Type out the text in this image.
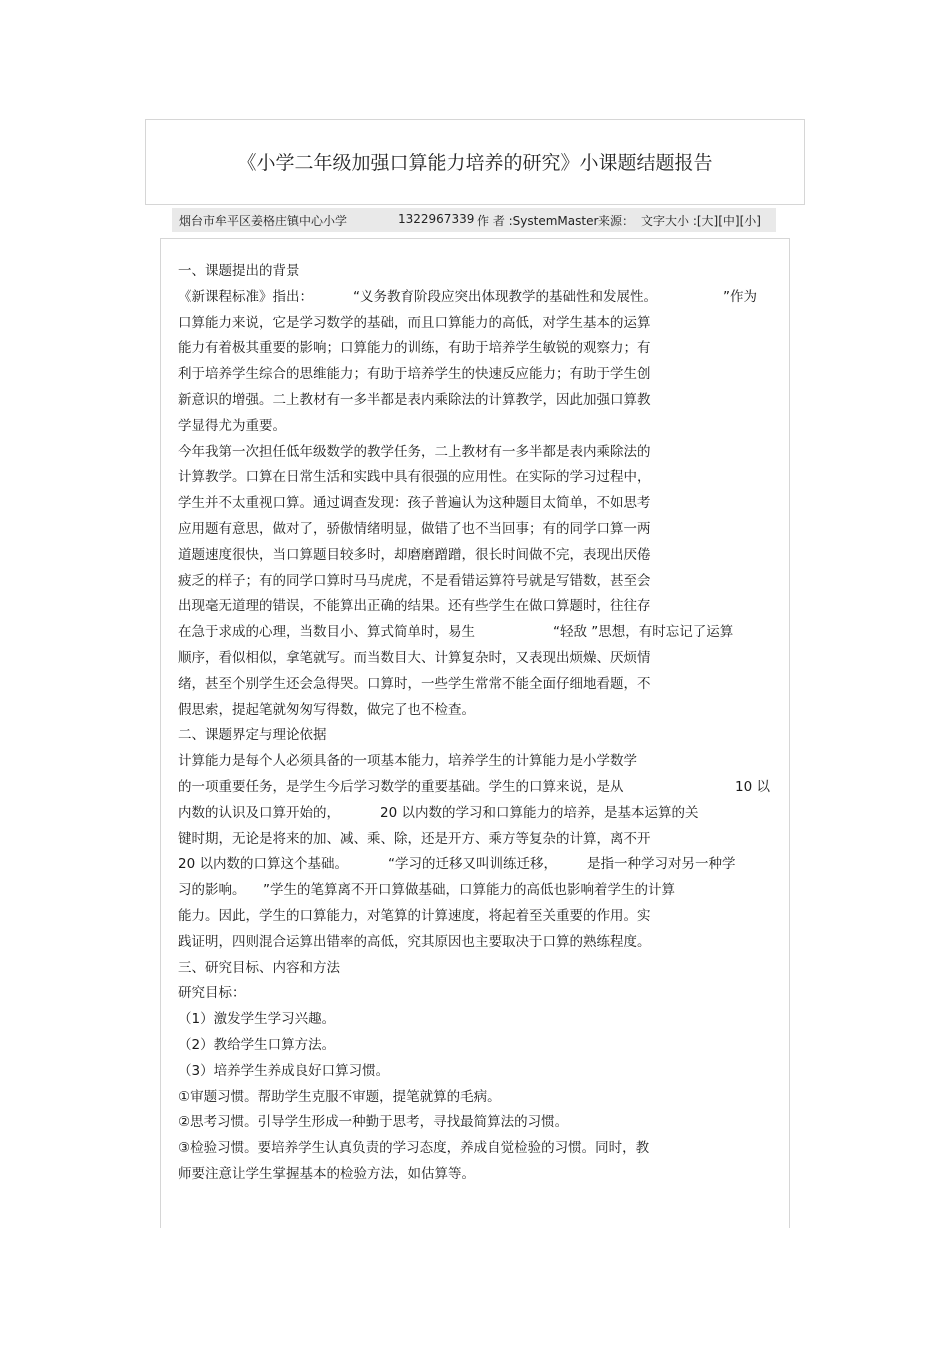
《小学二年级加强口算能力培养的研究》小课题结题报告
烟台市牟平区姜格庄镇中心小学	1322967339 作 者 :SystemMaster 来源： 文字大小 :[大][中][小]
一、课题提出的背景
《新课程标准》指出：	“义务教育阶段应突出体现教学的基础性和发展性。	”作为
口算能力来说，它是学习数学的基础，而且口算能力的高低，对学生基本的运算
能力有着极其重要的影响；口算能力的训练，有助于培养学生敏锐的观察力；有
利于培养学生综合的思维能力；有助于培养学生的快速反应能力；有助于学生创
新意识的增强。二上教材有一多半都是表内乘除法的计算教学，因此加强口算教
学显得尤为重要。
今年我第一次担任低年级数学的教学任务，二上教材有一多半都是表内乘除法的
计算教学。口算在日常生活和实践中具有很强的应用性。在实际的学习过程中，
学生并不太重视口算。通过调查发现：孩子普遍认为这种题目太简单，不如思考
应用题有意思，做对了，骄傲情绪明显，做错了也不当回事；有的同学口算一两
道题速度很快，当口算题目较多时，却磨磨蹭蹭，很长时间做不完，表现出厌倦
疲乏的样子；有的同学口算时马马虎虎，不是看错运算符号就是写错数，甚至会
出现毫无道理的错误，不能算出正确的结果。还有些学生在做口算题时，往往存
在急于求成的心理，当数目小、算式简单时，易生	“轻敌 ”思想，有时忘记了运算
顺序，看似相似，拿笔就写。而当数目大、计算复杂时，又表现出烦燥、厌烦情
绪，甚至个别学生还会急得哭。口算时，一些学生常常不能全面仔细地看题，不
假思索，提起笔就匆匆写得数，做完了也不检查。
二、课题界定与理论依据
计算能力是每个人必须具备的一项基本能力，培养学生的计算能力是小学数学
的一项重要任务，是学生今后学习数学的重要基础。学生的口算来说，是从	10 以
内数的认识及口算开始的，	20 以内数的学习和口算能力的培养，是基本运算的关
键时期，无论是将来的加、减、乘、除，还是开方、乘方等复杂的计算，离不开
20 以内数的口算这个基础。	“学习的迁移又叫训练迁移， 是指一种学习对另一种学
习的影响。 ”学生的笔算离不开口算做基础，口算能力的高低也影响着学生的计算
能力。因此，学生的口算能力，对笔算的计算速度，将起着至关重要的作用。实
践证明，四则混合运算出错率的高低，究其原因也主要取决于口算的熟练程度。
三、研究目标、内容和方法
研究目标：
（1）激发学生学习兴趣。
（2）教给学生口算方法。
（3）培养学生养成良好口算习惯。
①审题习惯。帮助学生克服不审题，提笔就算的毛病。
②思考习惯。引导学生形成一种勤于思考，寻找最简算法的习惯。
③检验习惯。要培养学生认真负责的学习态度，养成自觉检验的习惯。同时，教
师要注意让学生掌握基本的检验方法，如估算等。
